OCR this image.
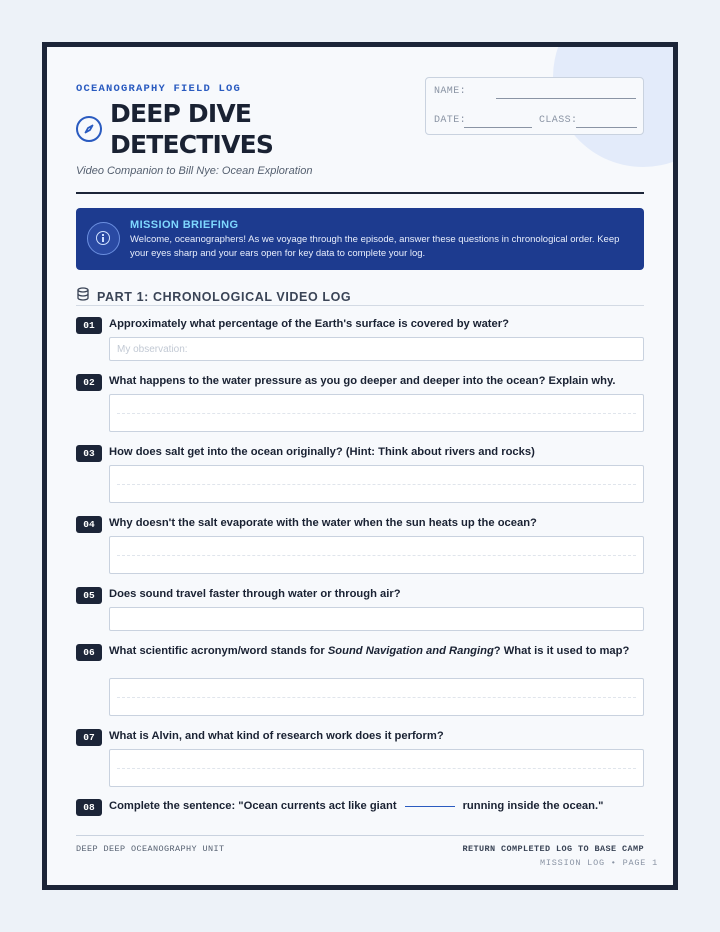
OCEANOGRAPHY FIELD LOG
DEEP DIVE DETECTIVES
Video Companion to Bill Nye: Ocean Exploration
NAME:
DATE:	CLASS:
MISSION BRIEFING
Welcome, oceanographers! As we voyage through the episode, answer these questions in chronological order. Keep your eyes sharp and your ears open for key data to complete your log.
PART 1: CHRONOLOGICAL VIDEO LOG
01	Approximately what percentage of the Earth's surface is covered by water?
My observation:
02	What happens to the water pressure as you go deeper and deeper into the ocean? Explain why.
03	How does salt get into the ocean originally? (Hint: Think about rivers and rocks)
04	Why doesn't the salt evaporate with the water when the sun heats up the ocean?
05	Does sound travel faster through water or through air?
06	What scientific acronym/word stands for Sound Navigation and Ranging? What is it used to map?
07	What is Alvin, and what kind of research work does it perform?
08	Complete the sentence: "Ocean currents act like giant	running inside the ocean."
DEEP DEEP OCEANOGRAPHY UNIT	RETURN COMPLETED LOG TO BASE CAMP
MISSION LOG • PAGE 1
